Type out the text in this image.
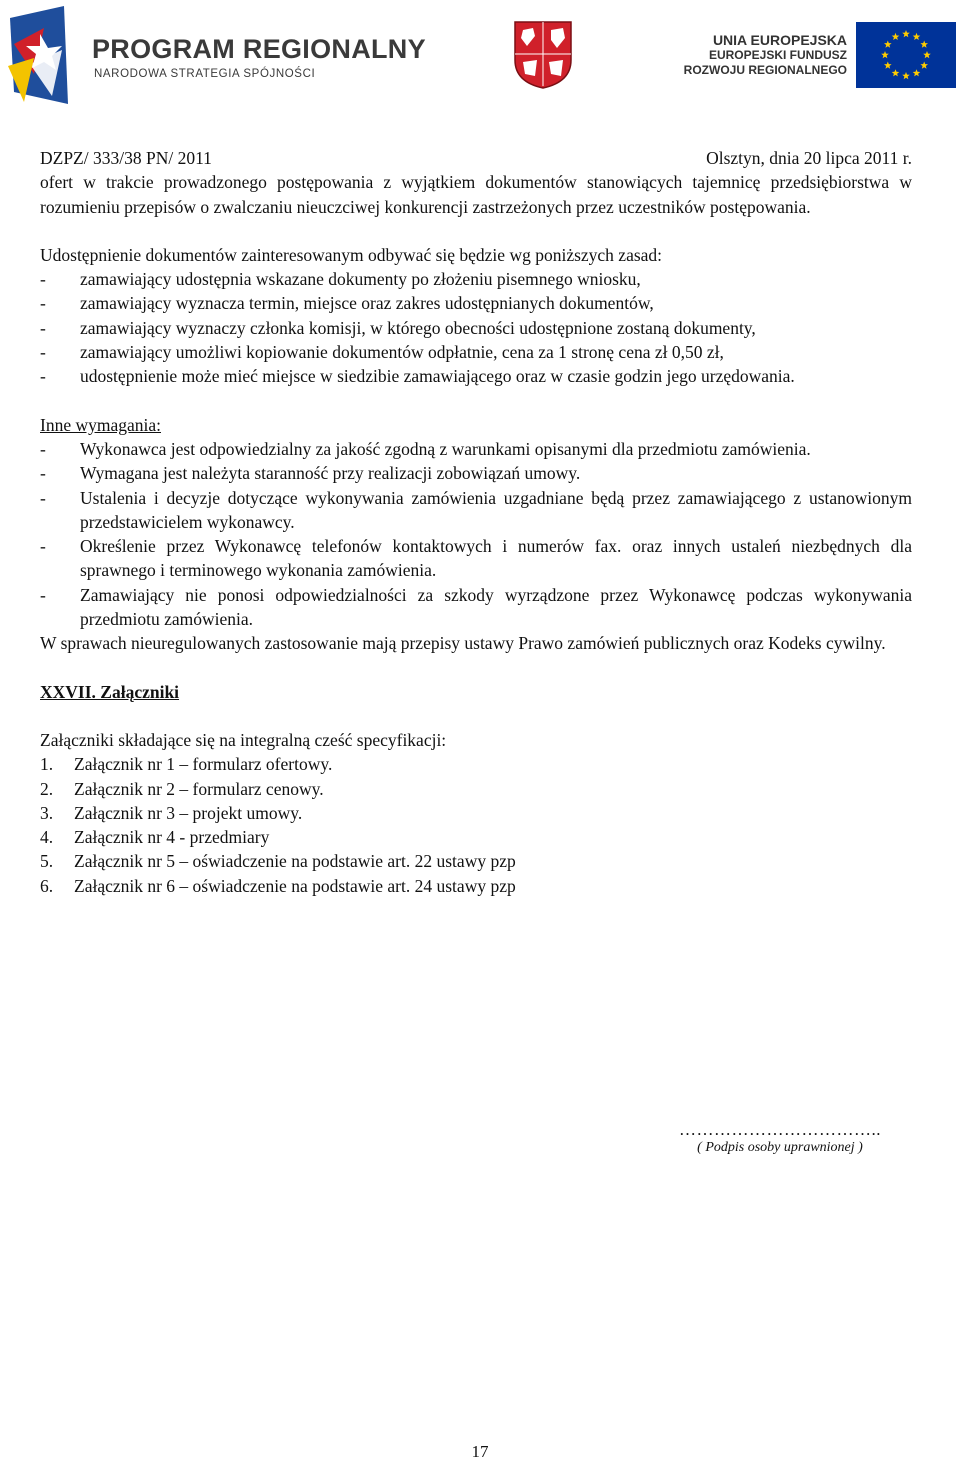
PROGRAM REGIONALNY
NARODOWA STRATEGIA SPÓJNOŚCI
UNIA EUROPEJSKA
EUROPEJSKI FUNDUSZ
ROZWOJU REGIONALNEGO
DZPZ/ 333/38 PN/ 2011	Olsztyn, dnia 20 lipca 2011 r.

ofert w trakcie prowadzonego postępowania z wyjątkiem dokumentów stanowiących tajemnicę przedsiębiorstwa w rozumieniu przepisów o zwalczaniu nieuczciwej konkurencji zastrzeżonych przez uczestników postępowania.

Udostępnienie dokumentów zainteresowanym odbywać się będzie wg poniższych zasad:

-	zamawiający udostępnia wskazane dokumenty po złożeniu pisemnego wniosku,
-	zamawiający wyznacza termin, miejsce oraz zakres udostępnianych dokumentów,
-	zamawiający wyznaczy członka komisji, w którego obecności udostępnione zostaną dokumenty,
-	zamawiający umożliwi kopiowanie dokumentów odpłatnie, cena za 1 stronę cena zł 0,50 zł,
-	udostępnienie może mieć miejsce w siedzibie zamawiającego oraz w czasie godzin jego urzędowania.

Inne wymagania:

-	Wykonawca jest odpowiedzialny za jakość zgodną z warunkami opisanymi dla przedmiotu zamówienia.
-	Wymagana jest należyta staranność przy realizacji zobowiązań umowy.
-	Ustalenia i decyzje dotyczące wykonywania zamówienia uzgadniane będą przez zamawiającego z ustanowionym przedstawicielem wykonawcy.
-	Określenie przez Wykonawcę telefonów kontaktowych i numerów fax. oraz innych ustaleń niezbędnych dla sprawnego i terminowego wykonania zamówienia.
-	Zamawiający nie ponosi odpowiedzialności za szkody wyrządzone przez Wykonawcę podczas wykonywania przedmiotu zamówienia.

W sprawach nieuregulowanych zastosowanie mają przepisy ustawy Prawo zamówień publicznych oraz Kodeks cywilny.

XXVII. Załączniki

Załączniki składające się na integralną cześć specyfikacji:

1.	Załącznik nr 1 – formularz ofertowy.
2.	Załącznik nr 2 – formularz cenowy.
3.	Załącznik nr 3 – projekt umowy.
4.	Załącznik nr 4 - przedmiary
5.	Załącznik nr 5 – oświadczenie na podstawie art. 22 ustawy pzp
6.	Załącznik nr 6 – oświadczenie na podstawie art. 24 ustawy pzp
……………………………..
( Podpis osoby uprawnionej )
17
